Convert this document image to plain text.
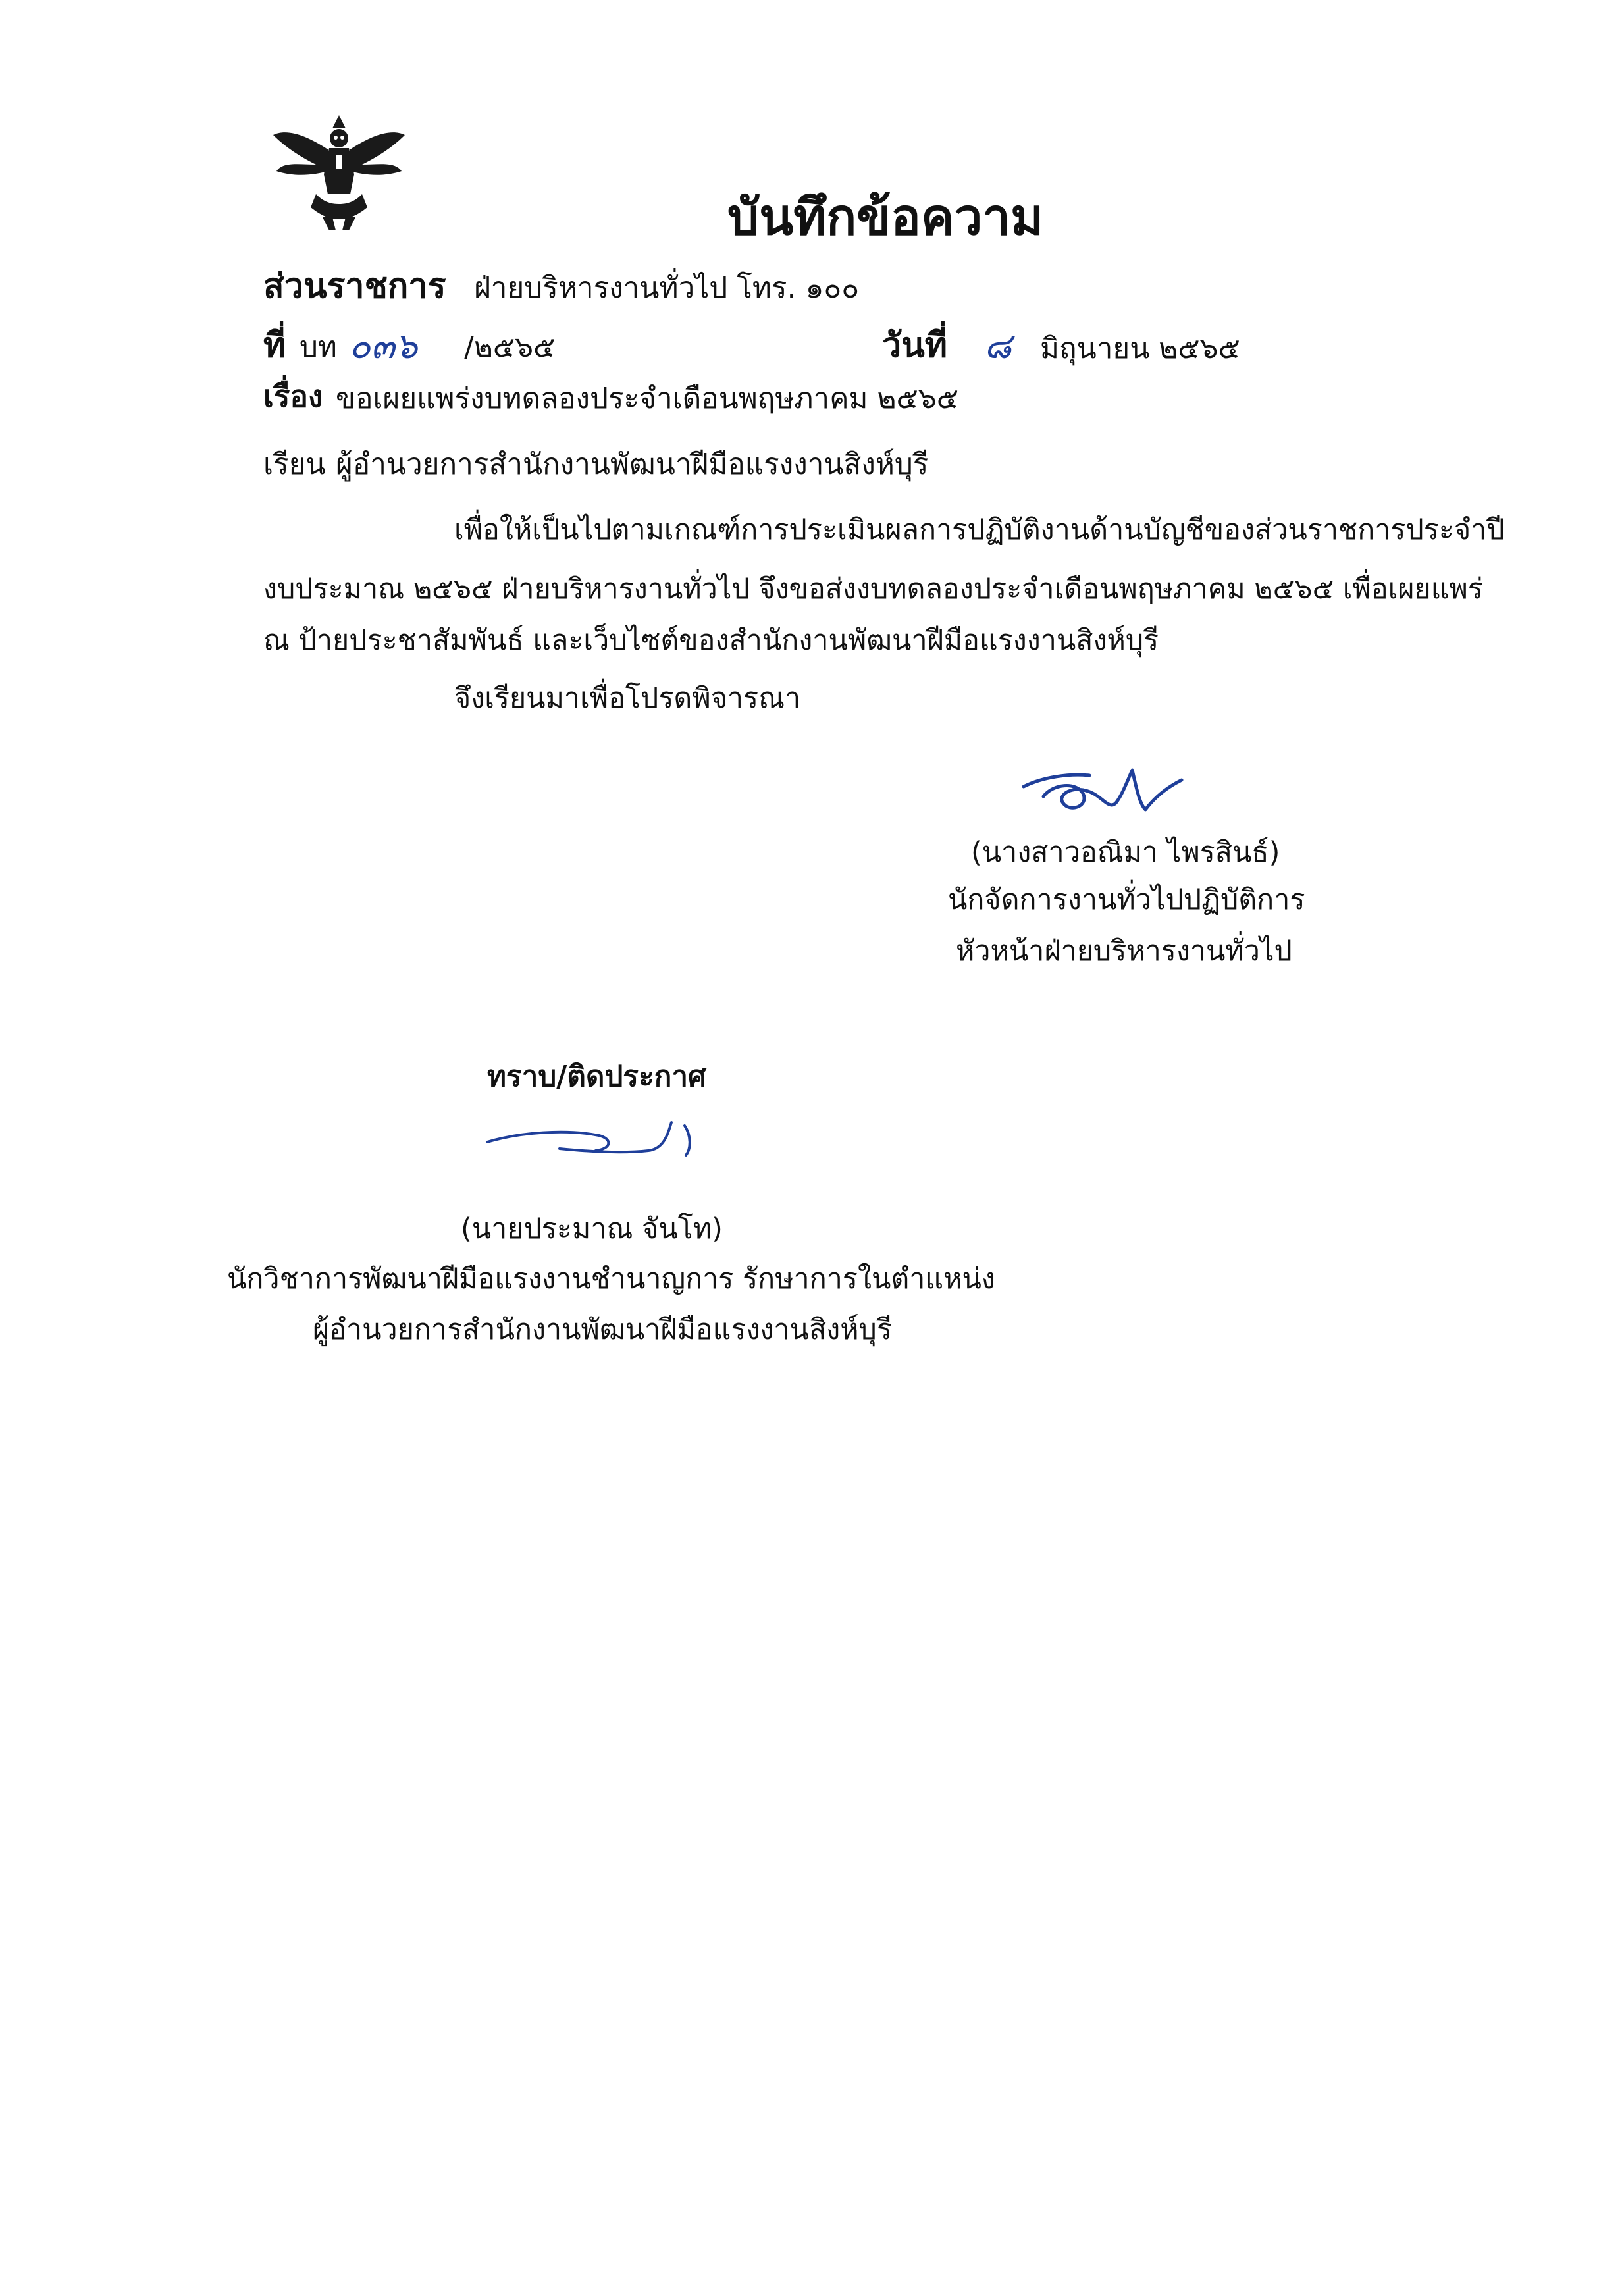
บันทึกข้อความ
ส่วนราชการ ฝ่ายบริหารงานทั่วไป โทร. ๑๐๐
ที่ บท ๐๓๖ /๒๕๖๕	วันที่ ๘ มิถุนายน ๒๕๖๕
เรื่อง ขอเผยแพร่งบทดลองประจำเดือนพฤษภาคม ๒๕๖๕
เรียน ผู้อำนวยการสำนักงานพัฒนาฝีมือแรงงานสิงห์บุรี
เพื่อให้เป็นไปตามเกณฑ์การประเมินผลการปฏิบัติงานด้านบัญชีของส่วนราชการประจำปี
งบประมาณ ๒๕๖๕ ฝ่ายบริหารงานทั่วไป จึงขอส่งงบทดลองประจำเดือนพฤษภาคม ๒๕๖๕ เพื่อเผยแพร่
ณ ป้ายประชาสัมพันธ์ และเว็บไซต์ของสำนักงานพัฒนาฝีมือแรงงานสิงห์บุรี
จึงเรียนมาเพื่อโปรดพิจารณา
(นางสาวอณิมา ไพรสินธ์)
นักจัดการงานทั่วไปปฏิบัติการ
หัวหน้าฝ่ายบริหารงานทั่วไป
ทราบ/ติดประกาศ
(นายประมาณ จันโท)
นักวิชาการพัฒนาฝีมือแรงงานชำนาญการ รักษาการในตำแหน่ง
ผู้อำนวยการสำนักงานพัฒนาฝีมือแรงงานสิงห์บุรี
